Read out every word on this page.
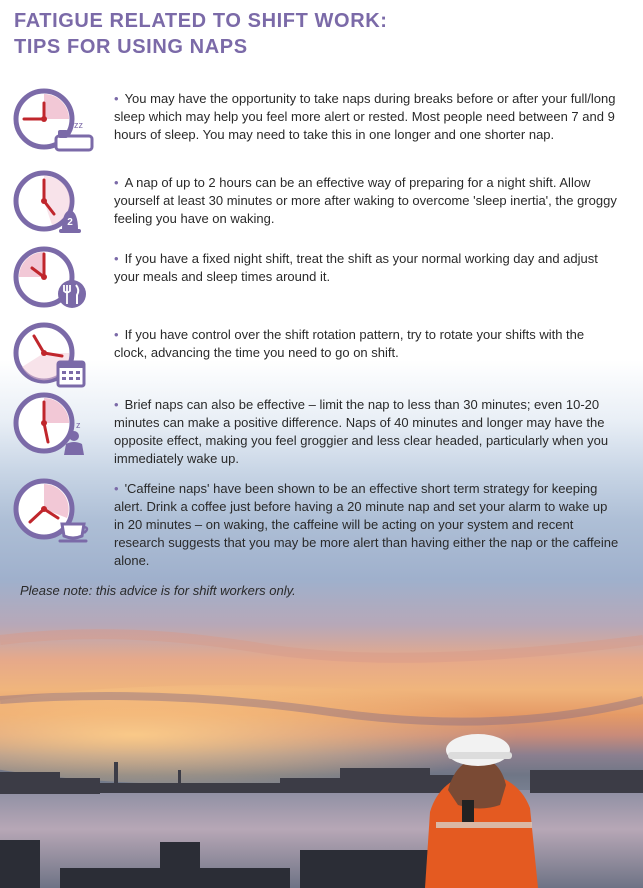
FATIGUE RELATED TO SHIFT WORK:
TIPS FOR USING NAPS
zz
• You may have the opportunity to take naps during breaks before or after your full/long sleep which may help you feel more alert or rested. Most people need between 7 and 9 hours of sleep. You may need to take this in one longer and one shorter nap.
2
• A nap of up to 2 hours can be an effective way of preparing for a night shift. Allow yourself at least 30 minutes or more after waking to overcome 'sleep inertia', the groggy feeling you have on waking.
• If you have a fixed night shift, treat the shift as your normal working day and adjust your meals and sleep times around it.
• If you have control over the shift rotation pattern, try to rotate your shifts with the clock, advancing the time you need to go on shift.
z
• Brief naps can also be effective – limit the nap to less than 30 minutes; even 10-20 minutes can make a positive difference. Naps of 40 minutes and longer may have the opposite effect, making you feel groggier and less clear headed, particularly when you immediately wake up.
• 'Caffeine naps' have been shown to be an effective short term strategy for keeping alert. Drink a coffee just before having a 20 minute nap and set your alarm to wake up in 20 minutes – on waking, the caffeine will be acting on your system and recent research suggests that you may be more alert than having either the nap or the caffeine alone.

Please note: this advice is for shift workers only.
